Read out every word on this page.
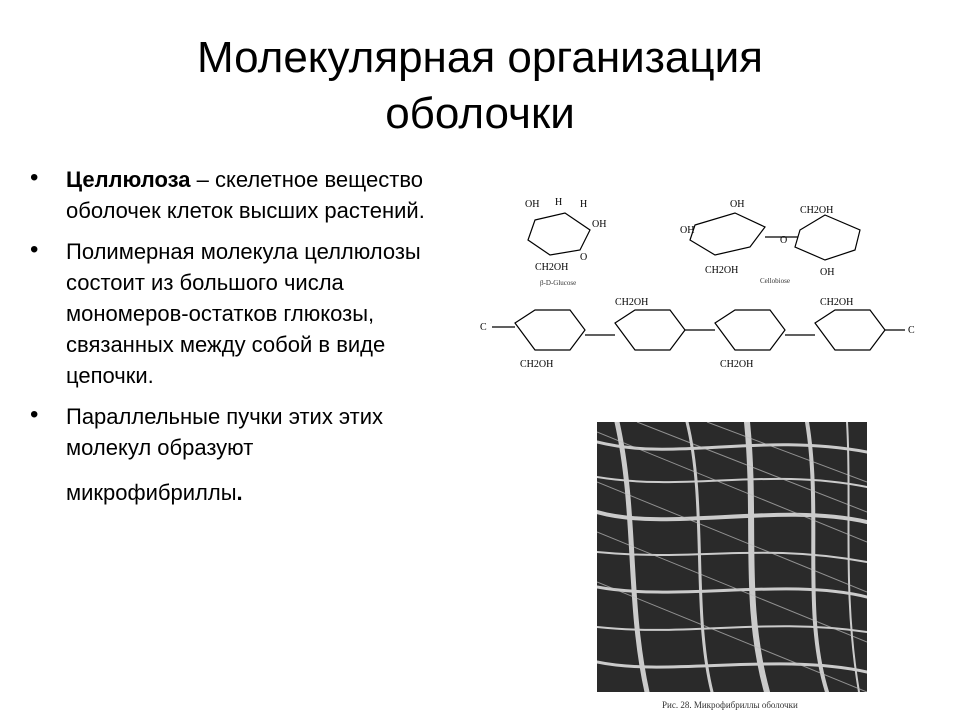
Молекулярная организация
оболочки
• Целлюлоза – скелетное вещество оболочек клеток высших растений.
• Полимерная молекула целлюлозы состоит из большого числа мономеров-остатков глюкозы, связанных между собой в виде цепочки.
• Параллельные пучки этих этих молекул образуют
микрофибриллы.
OH H H
OH
CH2OH
O
β-D-Glucose
OH
OH
CH2OH
Cellobiose
CH2OH
O
OH
C
CH2OH
CH2OH
CH2OH
CH2OH
C
Рис. 28. Микрофибриллы оболочки
